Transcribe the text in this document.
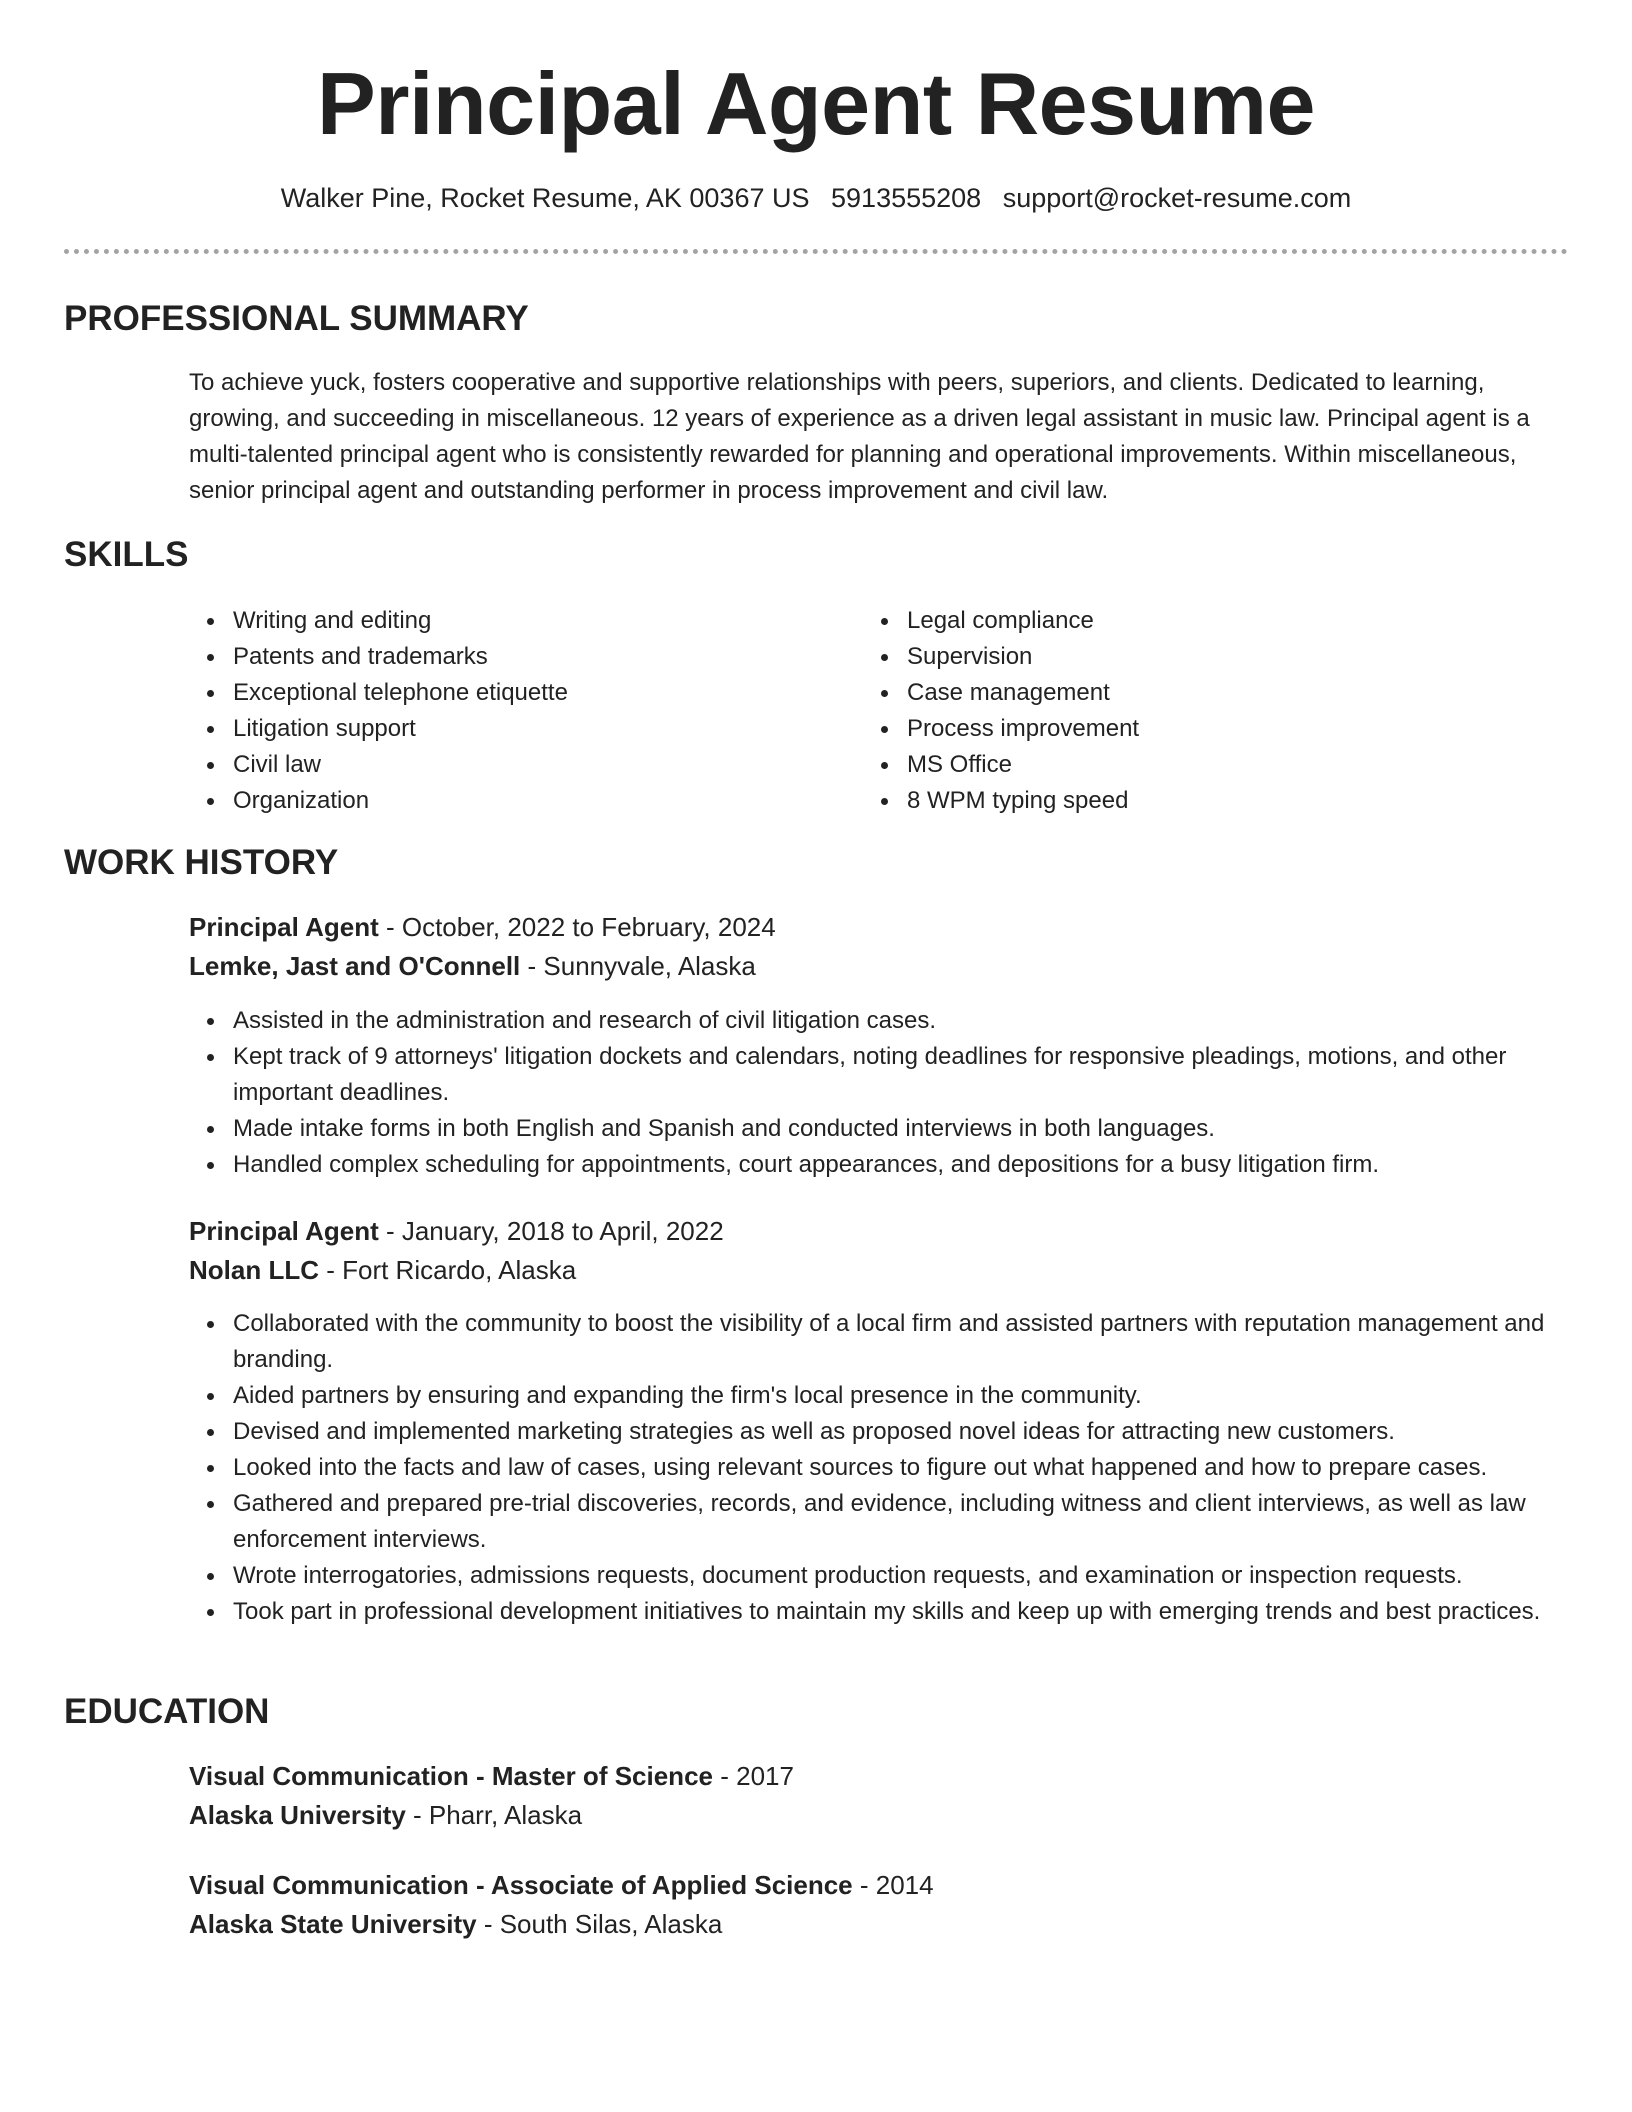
Principal Agent Resume
Walker Pine, Rocket Resume, AK 00367 US 5913555208 support@rocket-resume.com
PROFESSIONAL SUMMARY

To achieve yuck, fosters cooperative and supportive relationships with peers, superiors, and clients. Dedicated to learning, growing, and succeeding in miscellaneous. 12 years of experience as a driven legal assistant in music law. Principal agent is a multi-talented principal agent who is consistently rewarded for planning and operational improvements. Within miscellaneous, senior principal agent and outstanding performer in process improvement and civil law.

SKILLS
Writing and editing
Patents and trademarks
Exceptional telephone etiquette
Litigation support
Civil law
Organization
Legal compliance
Supervision
Case management
Process improvement
MS Office
8 WPM typing speed
WORK HISTORY
Principal Agent - October, 2022 to February, 2024
Lemke, Jast and O'Connell - Sunnyvale, Alaska
Assisted in the administration and research of civil litigation cases.
Kept track of 9 attorneys' litigation dockets and calendars, noting deadlines for responsive pleadings, motions, and other important deadlines.
Made intake forms in both English and Spanish and conducted interviews in both languages.
Handled complex scheduling for appointments, court appearances, and depositions for a busy litigation firm.
Principal Agent - January, 2018 to April, 2022
Nolan LLC - Fort Ricardo, Alaska
Collaborated with the community to boost the visibility of a local firm and assisted partners with reputation management and branding.
Aided partners by ensuring and expanding the firm's local presence in the community.
Devised and implemented marketing strategies as well as proposed novel ideas for attracting new customers.
Looked into the facts and law of cases, using relevant sources to figure out what happened and how to prepare cases.
Gathered and prepared pre-trial discoveries, records, and evidence, including witness and client interviews, as well as law enforcement interviews.
Wrote interrogatories, admissions requests, document production requests, and examination or inspection requests.
Took part in professional development initiatives to maintain my skills and keep up with emerging trends and best practices.
EDUCATION
Visual Communication - Master of Science - 2017
Alaska University - Pharr, Alaska
Visual Communication - Associate of Applied Science - 2014
Alaska State University - South Silas, Alaska
